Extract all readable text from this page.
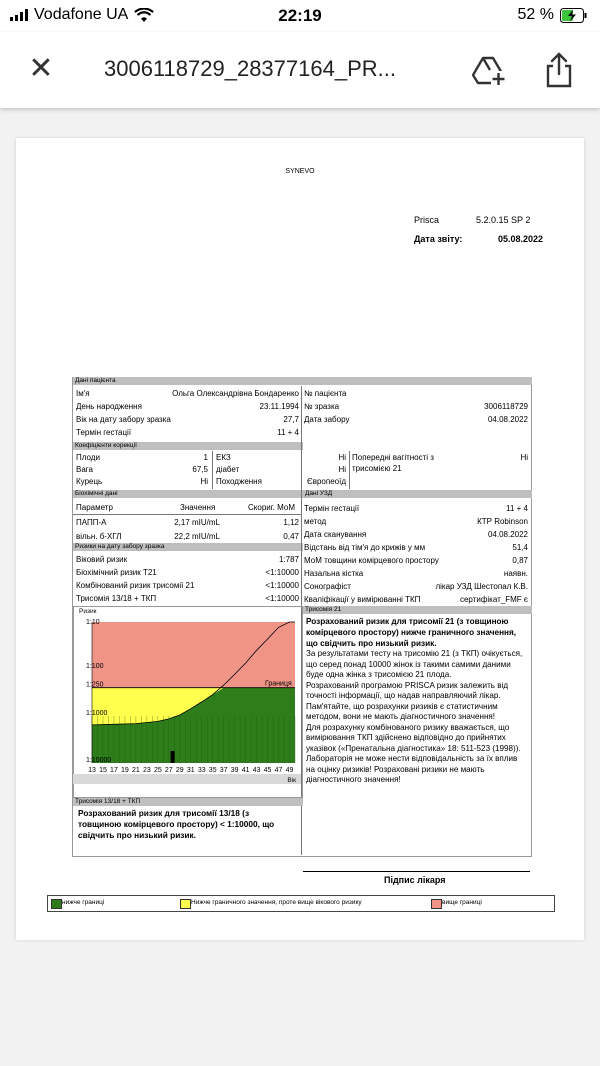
Vodafone UA	22:19	52 %
✕ 3006118729_28377164_PR...
SYNEVO
Prisca	5.2.0.15 SP 2
Дата звіту:	05.08.2022
Дані пацієнта
Ім'я	Ольга Олександрівна Бондаренко
День народження	23.11.1994
Вік на дату забору зразка	27,7
Термін гестації	11 + 4
№ пацієнта
№ зразка	3006118729
Дата забору	04.08.2022
Коефіцієнти корекції
Плоди	1
Вага	67,5
Курець	Ні
ЕКЗ	Ні
діабет	Ні
Походження	Європеоїд
Попередні вагітності з трисомією 21
Ні
Біохімічні дані
Параметр	Значення	Скориг. МоМ
ПАПП-А	2,17 mIU/mL	1,12
вільн. б-ХГЛ	22,2 mIU/mL	0,47
Ризики на дату забору зразка
Віковий ризик	1:787
Біохімічний ризик Т21	<1:10000
Комбінований ризик трисомії 21	<1:10000
Трисомія 13/18 + ТКП	<1:10000
Дані УЗД
Термін гестації	11 + 4
метод	КТР Robinson
Дата сканування	04.08.2022
Відстань від тім'я до крижів у мм	51,4
МоМ товщини комірцевого простору	0,87
Назальна кістка	наявн.
Сонографіст	лікар УЗД Шестопал К.В.
Кваліфікації у вимірюванні ТКП	сертифікат_FMF є
1:10
1:100
1:250
1:1000
1:10000
Ризик
Границя
13 15 17 19 21 23 25 27 29 31 33 35 37 39 41 43 45 47 49
Вік
Трисомія 21
Розрахований ризик для трисомії 21 (з товщиною комірцевого простору) нижче граничного значення, що свідчить про низький ризик.
За результатами тесту на трисомію 21 (з ТКП) очікується, що серед понад 10000 жінок із такими самими даними буде одна жінка з трисомією 21 плода.
Розрахований програмою PRISCA ризик залежить від точності інформації, що надав направляючий лікар. Пам'ятайте, що розрахунки ризиків є статистичним методом, вони не мають діагностичного значення!
Для розрахунку комбінованого ризику вважається, що вимірювання ТКП здійснено відповідно до прийнятих указівок («Пренатальна діагностика» 18: 511-523 (1998)).
Лабораторія не може нести відповідальність за їх вплив на оцінку ризиків! Розраховані ризики не мають діагностичного значення!
Трисомія 13/18 + ТКП
Розрахований ризик для трисомії 13/18 (з товщиною комірцевого простору) < 1:10000, що свідчить про низький ризик.
Підпис лікаря
нижче границі	Нижче граничного значення, проте вище вікового ризику	вище границі
